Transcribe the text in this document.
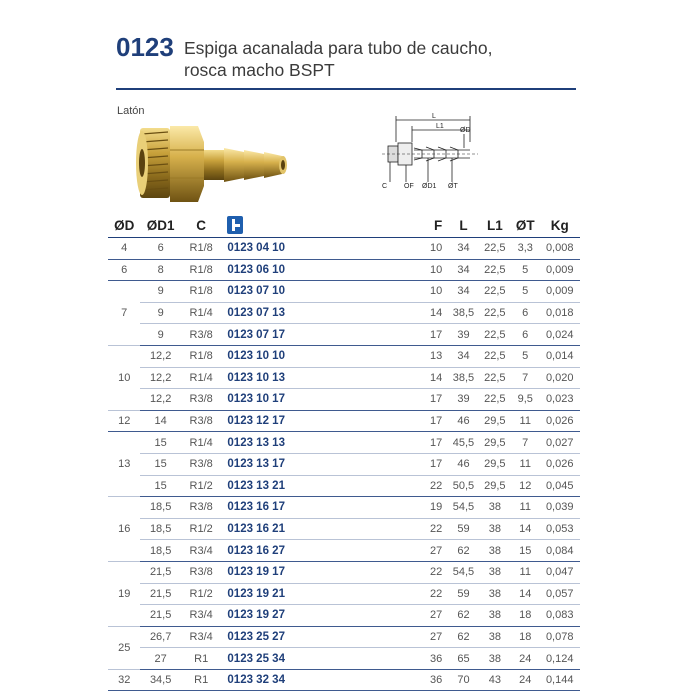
0123 Espiga acanalada para tubo de caucho,
rosca macho BSPT
Latón	L
L1
ØD
C OF ØD1 ØT
ØD	ØD1	C		F	L	L1	ØT	Kg
4	6	R1/8	0123 04 10	10	34	22,5	3,3	0,008
6	8	R1/8	0123 06 10	10	34	22,5	5	0,009
7	9	R1/8	0123 07 10	10	34	22,5	5	0,009
	9	R1/4	0123 07 13	14	38,5	22,5	6	0,018
	9	R3/8	0123 07 17	17	39	22,5	6	0,024
10	12,2	R1/8	0123 10 10	13	34	22,5	5	0,014
	12,2	R1/4	0123 10 13	14	38,5	22,5	7	0,020
	12,2	R3/8	0123 10 17	17	39	22,5	9,5	0,023
12	14	R3/8	0123 12 17	17	46	29,5	11	0,026
13	15	R1/4	0123 13 13	17	45,5	29,5	7	0,027
	15	R3/8	0123 13 17	17	46	29,5	11	0,026
	15	R1/2	0123 13 21	22	50,5	29,5	12	0,045
16	18,5	R3/8	0123 16 17	19	54,5	38	11	0,039
	18,5	R1/2	0123 16 21	22	59	38	14	0,053
	18,5	R3/4	0123 16 27	27	62	38	15	0,084
19	21,5	R3/8	0123 19 17	22	54,5	38	11	0,047
	21,5	R1/2	0123 19 21	22	59	38	14	0,057
	21,5	R3/4	0123 19 27	27	62	38	18	0,083
25	26,7	R3/4	0123 25 27	27	62	38	18	0,078
	27	R1	0123 25 34	36	65	38	24	0,124
32	34,5	R1	0123 32 34	36	70	43	24	0,144
